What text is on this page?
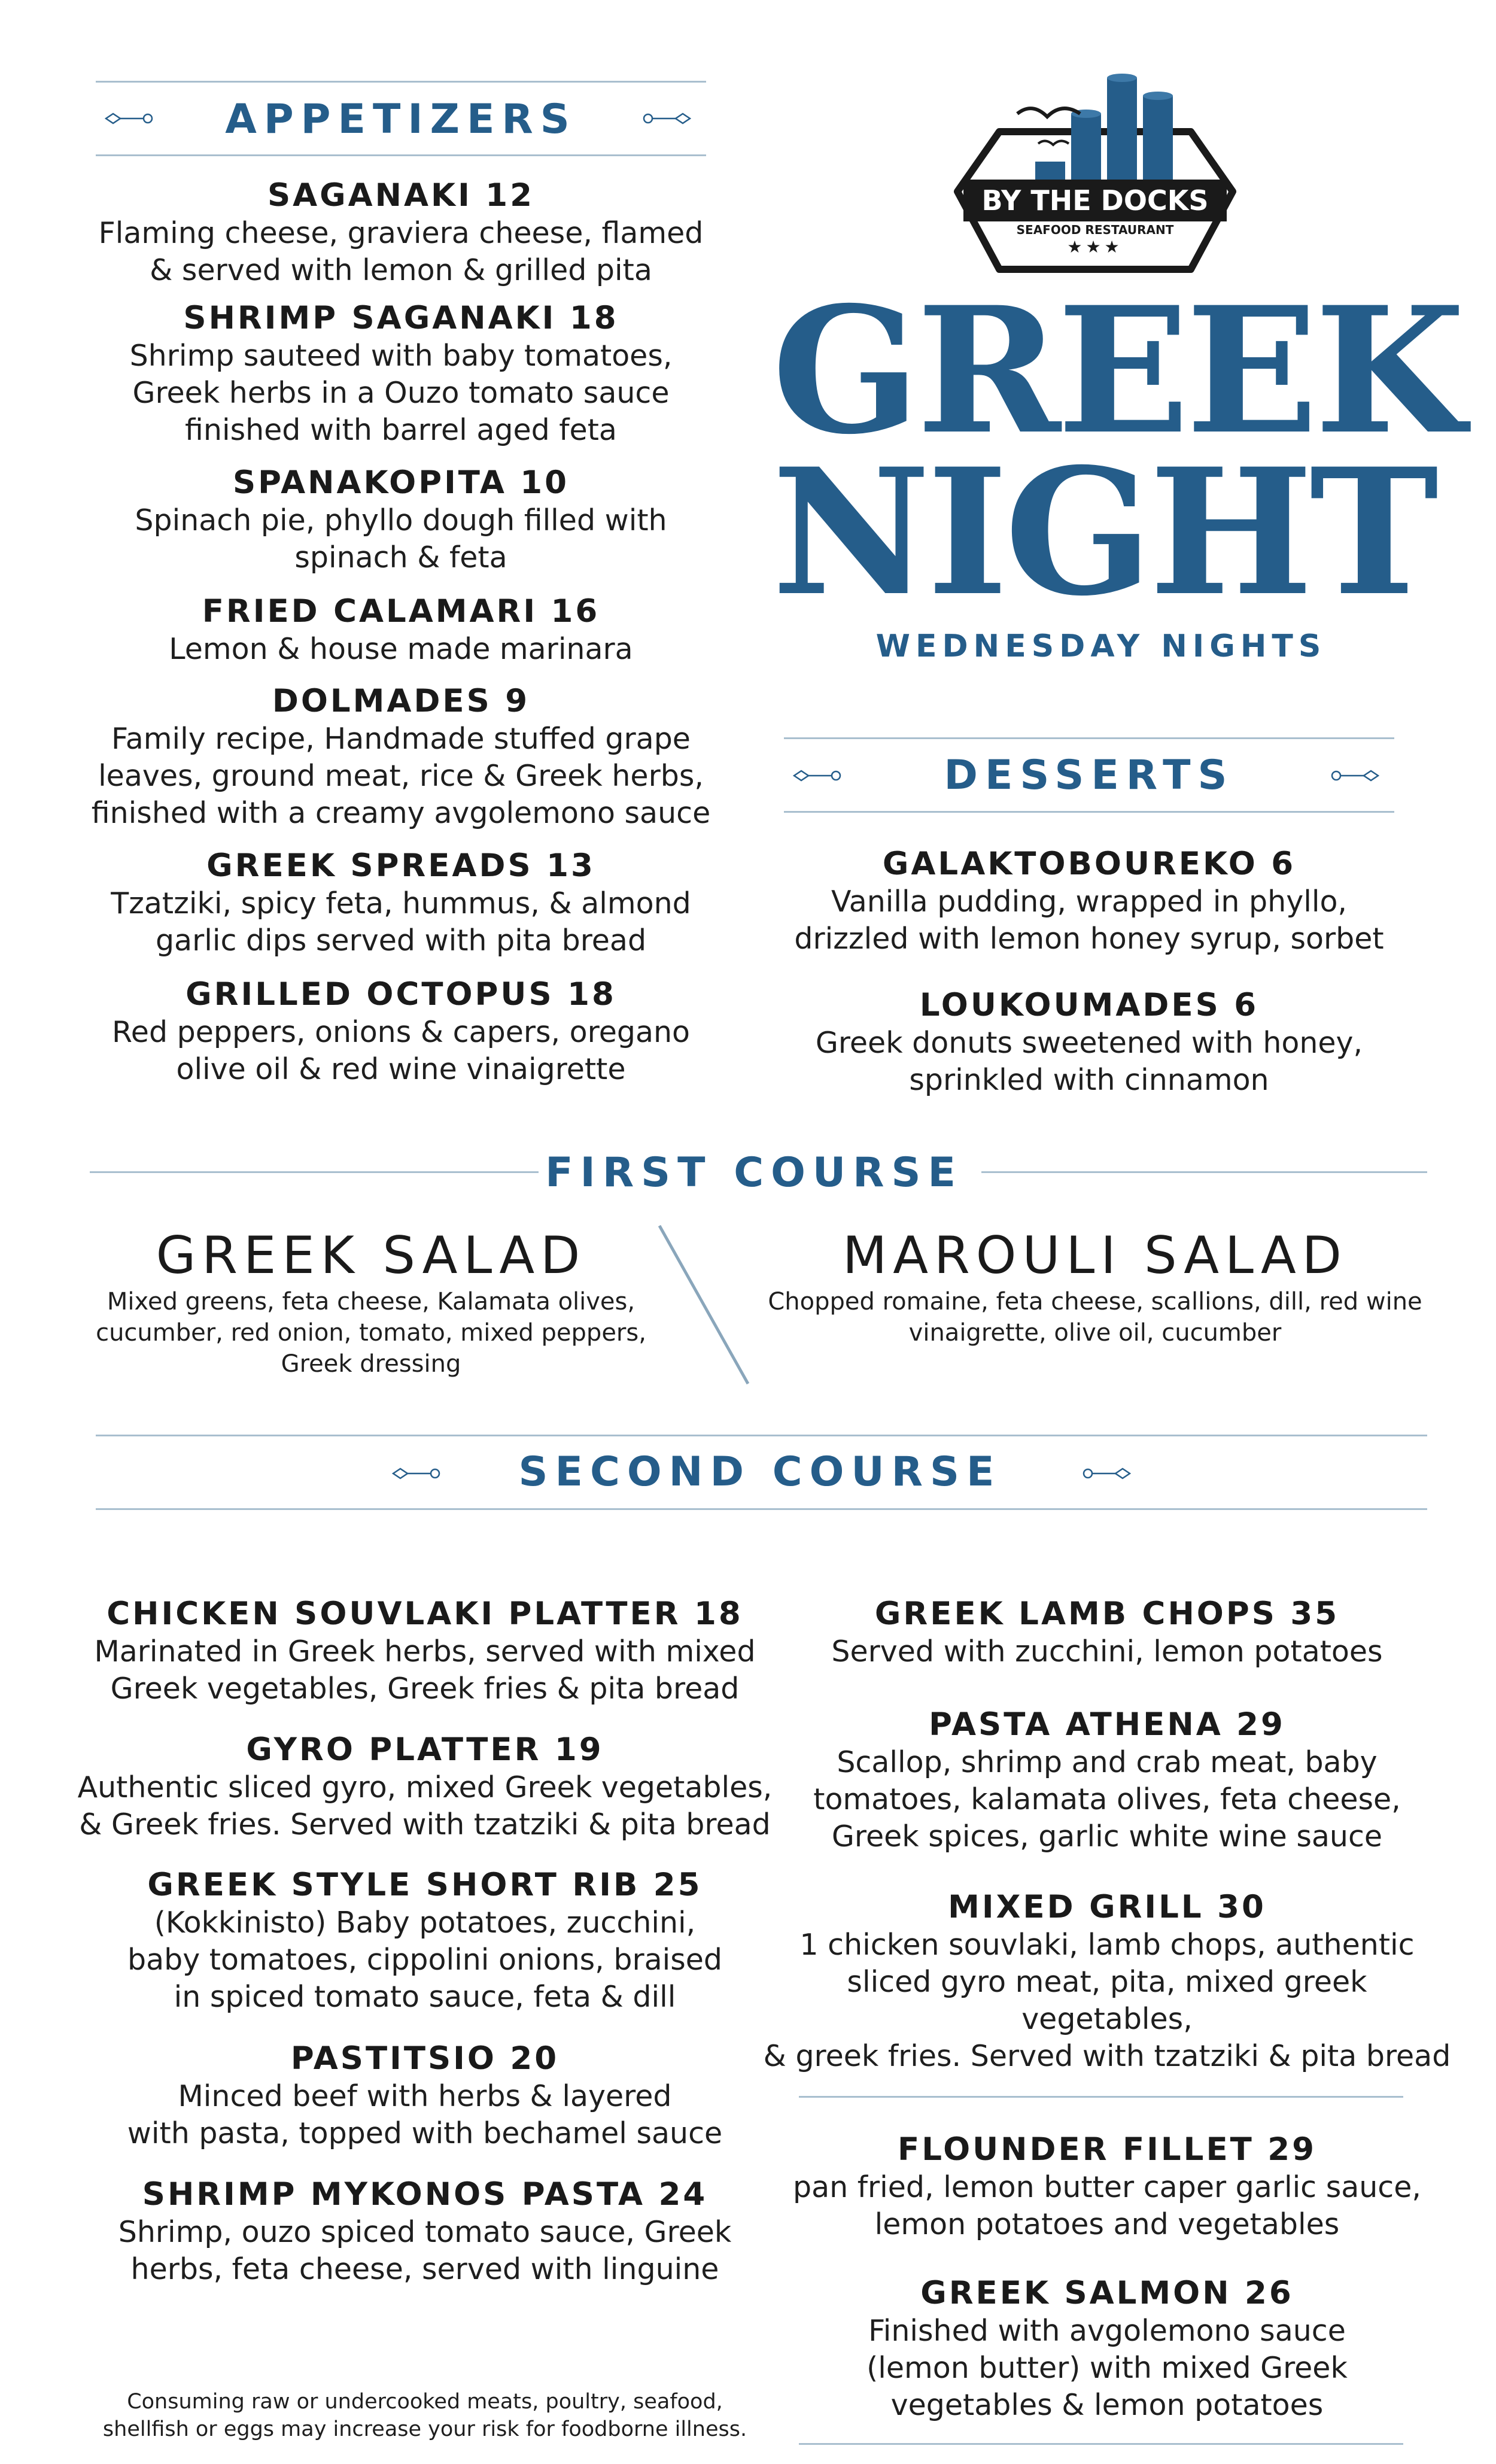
APPETIZERS
SAGANAKI 12
Flaming cheese, graviera cheese, flamed
& served with lemon & grilled pita
SHRIMP SAGANAKI 18
Shrimp sauteed with baby tomatoes,
Greek herbs in a Ouzo tomato sauce
finished with barrel aged feta
SPANAKOPITA 10
Spinach pie, phyllo dough filled with
spinach & feta
FRIED CALAMARI 16
Lemon & house made marinara
DOLMADES 9
Family recipe, Handmade stuffed grape
leaves, ground meat, rice & Greek herbs,
finished with a creamy avgolemono sauce
GREEK SPREADS 13
Tzatziki, spicy feta, hummus, & almond
garlic dips served with pita bread
GRILLED OCTOPUS 18
Red peppers, onions & capers, oregano
olive oil & red wine vinaigrette
BY THE DOCKS
SEAFOOD RESTAURANT
★★★
GREEK
NIGHT
WEDNESDAY NIGHTS
DESSERTS
GALAKTOBOUREKO 6
Vanilla pudding, wrapped in phyllo,
drizzled with lemon honey syrup, sorbet
LOUKOUMADES 6
Greek donuts sweetened with honey,
sprinkled with cinnamon
FIRST COURSE
GREEK SALAD
Mixed greens, feta cheese, Kalamata olives,
cucumber, red onion, tomato, mixed peppers,
Greek dressing
MAROULI SALAD
Chopped romaine, feta cheese, scallions, dill, red wine
vinaigrette, olive oil, cucumber
SECOND COURSE
CHICKEN SOUVLAKI PLATTER 18
Marinated in Greek herbs, served with mixed
Greek vegetables, Greek fries & pita bread
GYRO PLATTER 19
Authentic sliced gyro, mixed Greek vegetables,
& Greek fries. Served with tzatziki & pita bread
GREEK STYLE SHORT RIB 25
(Kokkinisto) Baby potatoes, zucchini,
baby tomatoes, cippolini onions, braised
in spiced tomato sauce, feta & dill
PASTITSIO 20
Minced beef with herbs & layered
with pasta, topped with bechamel sauce
SHRIMP MYKONOS PASTA 24
Shrimp, ouzo spiced tomato sauce, Greek
herbs, feta cheese, served with linguine
Consuming raw or undercooked meats, poultry, seafood,
shellfish or eggs may increase your risk for foodborne illness.
GREEK LAMB CHOPS 35
Served with zucchini, lemon potatoes
PASTA ATHENA 29
Scallop, shrimp and crab meat, baby
tomatoes, kalamata olives, feta cheese,
Greek spices, garlic white wine sauce
MIXED GRILL 30
1 chicken souvlaki, lamb chops, authentic
sliced gyro meat, pita, mixed greek vegetables,
& greek fries. Served with tzatziki & pita bread
FLOUNDER FILLET 29
pan fried, lemon butter caper garlic sauce,
lemon potatoes and vegetables
GREEK SALMON 26
Finished with avgolemono sauce
(lemon butter) with mixed Greek
vegetables & lemon potatoes
